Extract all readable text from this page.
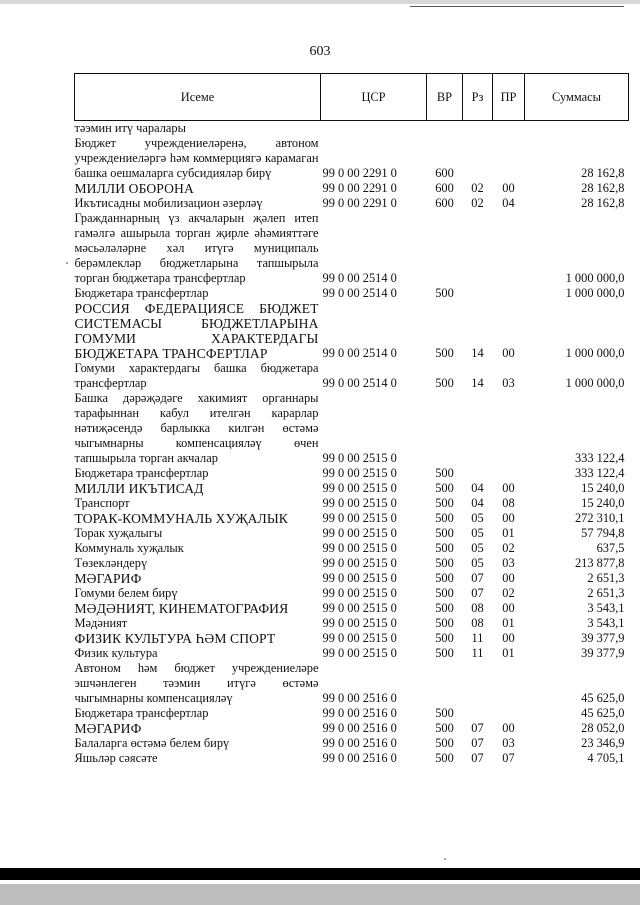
603
Исеме	ЦСР	ВР	Рз	ПР	Суммасы
тәэмин итү чаралары					
Бюджет учреждениеләренә, автоном учреждениеләргә һәм коммерциягә карамаган башка оешмаларга субсидияләр бирү	99 0 00 2291 0	600			28 162,8
МИЛЛИ ОБОРОНА	99 0 00 2291 0	600	02	00	28 162,8
Икътисадны мобилизацион әзерләү	99 0 00 2291 0	600	02	04	28 162,8
Гражданнарның үз акчаларын җәлеп итеп гамәлгә ашырыла торган җирле әһәмияттәге мәсьәләләрне хәл итүгә муниципаль берәмлекләр бюджетларына тапшырыла торган бюджетара трансфертлар	99 0 00 2514 0				1 000 000,0
Бюджетара трансфертлар	99 0 00 2514 0	500			1 000 000,0
РОССИЯ ФЕДЕРАЦИЯСЕ БЮДЖЕТ СИСТЕМАСЫ БЮДЖЕТЛАРЫНА ГОМУМИ ХАРАКТЕРДАГЫ БЮДЖЕТАРА ТРАНСФЕРТЛАР	99 0 00 2514 0	500	14	00	1 000 000,0
Гомуми характердагы башка бюджетара трансфертлар	99 0 00 2514 0	500	14	03	1 000 000,0
Башка дәрәҗәдәге хакимият органнары тарафыннан кабул ителгән карарлар нәтиҗәсендә барлыкка килгән өстәмә чыгымнарны компенсацияләү өчен тапшырыла торган акчалар	99 0 00 2515 0				333 122,4
Бюджетара трансфертлар	99 0 00 2515 0	500			333 122,4
МИЛЛИ ИКЪТИСАД	99 0 00 2515 0	500	04	00	15 240,0
Транспорт	99 0 00 2515 0	500	04	08	15 240,0
ТОРАК-КОММУНАЛЬ ХУҖАЛЫК	99 0 00 2515 0	500	05	00	272 310,1
Торак хуҗалыгы	99 0 00 2515 0	500	05	01	57 794,8
Коммуналь хуҗалык	99 0 00 2515 0	500	05	02	637,5
Төзекләндерү	99 0 00 2515 0	500	05	03	213 877,8
МӘГАРИФ	99 0 00 2515 0	500	07	00	2 651,3
Гомуми белем бирү	99 0 00 2515 0	500	07	02	2 651,3
МӘДӘНИЯТ, КИНЕМАТОГРАФИЯ	99 0 00 2515 0	500	08	00	3 543,1
Мәдәният	99 0 00 2515 0	500	08	01	3 543,1
ФИЗИК КУЛЬТУРА ҺӘМ СПОРТ	99 0 00 2515 0	500	11	00	39 377,9
Физик культура	99 0 00 2515 0	500	11	01	39 377,9
Автоном һәм бюджет учреждениеләре эшчәнлеген тәэмин итүгә өстәмә чыгымнарны компенсацияләү	99 0 00 2516 0				45 625,0
Бюджетара трансфертлар	99 0 00 2516 0	500			45 625,0
МӘГАРИФ	99 0 00 2516 0	500	07	00	28 052,0
Балаларга өстәмә белем бирү	99 0 00 2516 0	500	07	03	23 346,9
Яшьләр сәясәте	99 0 00 2516 0	500	07	07	4 705,1
